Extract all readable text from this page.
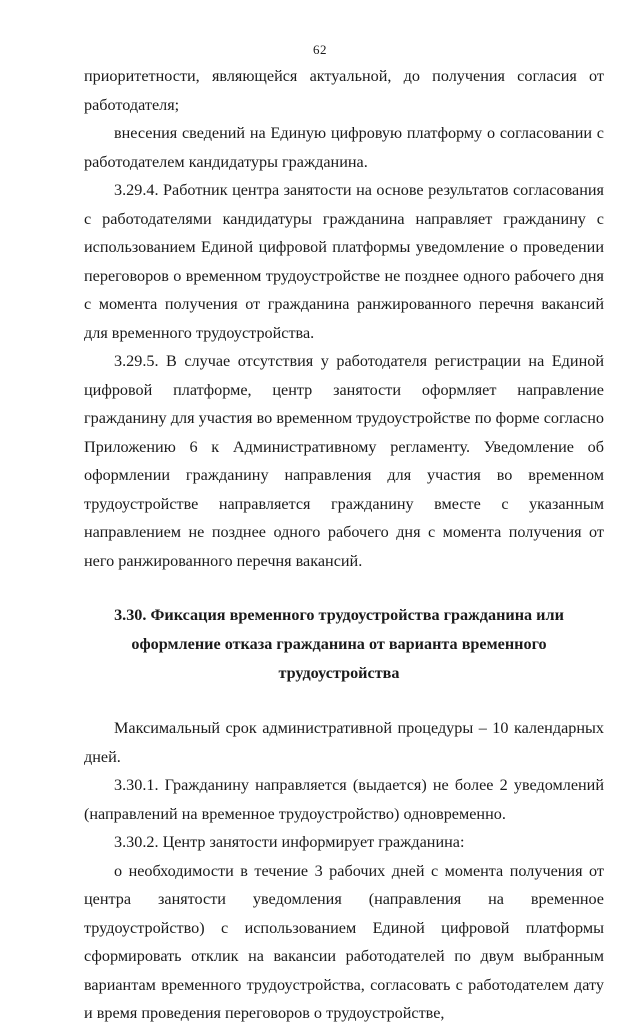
62

приоритетности, являющейся актуальной, до получения согласия от работодателя;

внесения сведений на Единую цифровую платформу о согласовании с работодателем кандидатуры гражданина.

3.29.4. Работник центра занятости на основе результатов согласования с работодателями кандидатуры гражданина направляет гражданину с использованием Единой цифровой платформы уведомление о проведении переговоров о временном трудоустройстве не позднее одного рабочего дня с момента получения от гражданина ранжированного перечня вакансий для временного трудоустройства.

3.29.5. В случае отсутствия у работодателя регистрации на Единой цифровой платформе, центр занятости оформляет направление гражданину для участия во временном трудоустройстве по форме согласно Приложению 6 к Административному регламенту. Уведомление об оформлении гражданину направления для участия во временном трудоустройстве направляется гражданину вместе с указанным направлением не позднее одного рабочего дня с момента получения от него ранжированного перечня вакансий.

3.30. Фиксация временного трудоустройства гражданина или оформление отказа гражданина от варианта временного трудоустройства

Максимальный срок административной процедуры – 10 календарных дней.

3.30.1. Гражданину направляется (выдается) не более 2 уведомлений (направлений на временное трудоустройство) одновременно.

3.30.2. Центр занятости информирует гражданина:

о необходимости в течение 3 рабочих дней с момента получения от центра занятости уведомления (направления на временное трудоустройство) с использованием Единой цифровой платформы сформировать отклик на вакансии работодателей по двум выбранным вариантам временного трудоустройства, согласовать с работодателем дату и время проведения переговоров о трудоустройстве,
